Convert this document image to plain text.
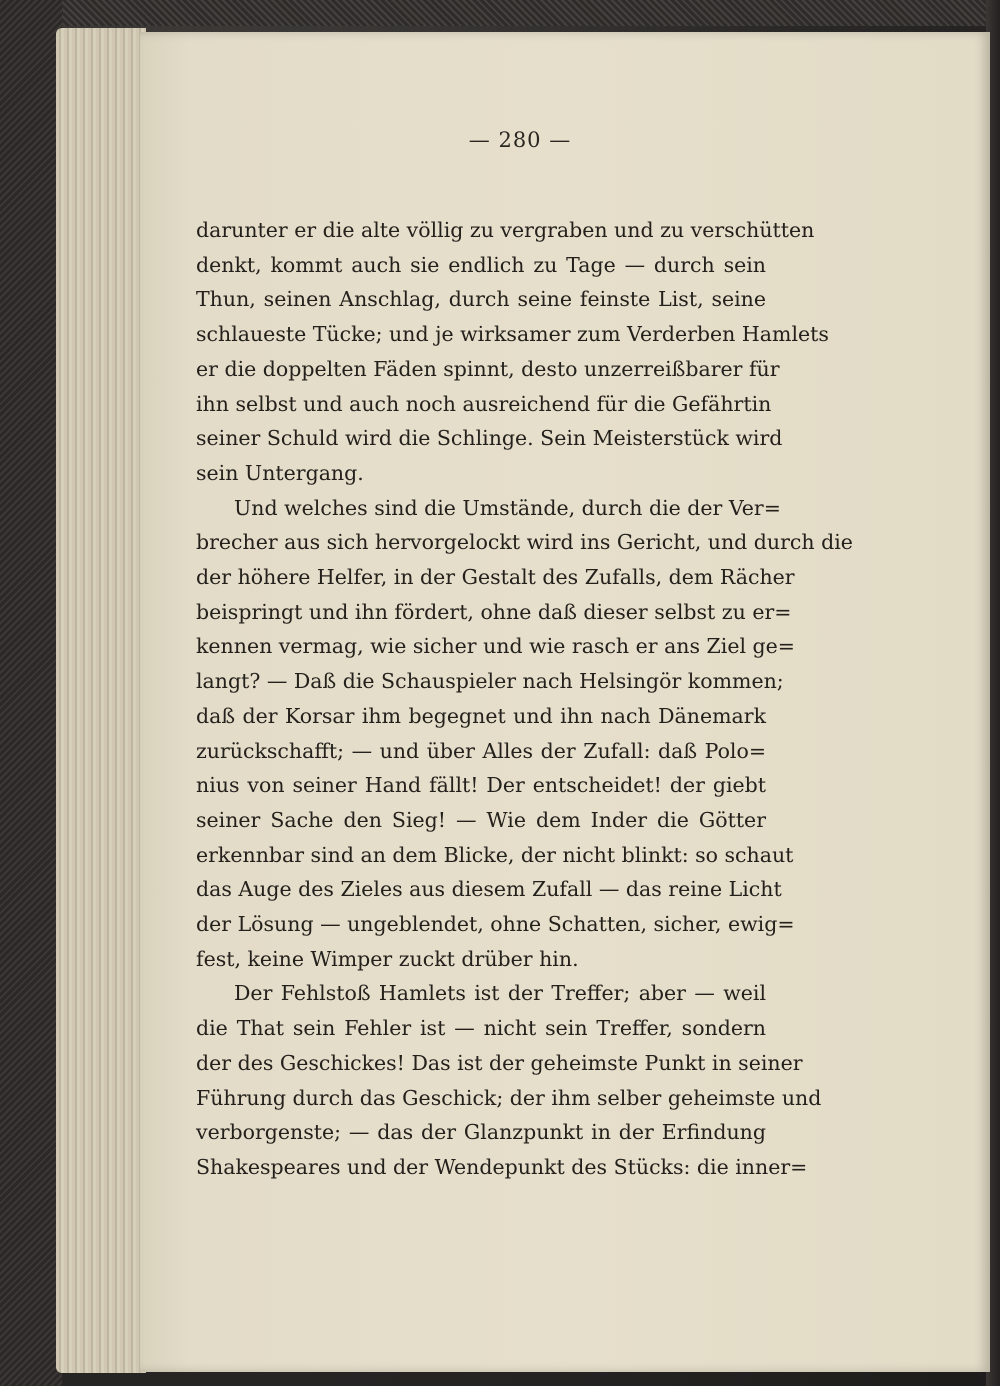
— 280 —
darunter er die alte völlig zu vergraben und zu verschütten
denkt, kommt auch sie endlich zu Tage — durch sein
Thun, seinen Anschlag, durch seine feinste List, seine
schlaueste Tücke; und je wirksamer zum Verderben Hamlets
er die doppelten Fäden spinnt, desto unzerreißbarer für
ihn selbst und auch noch ausreichend für die Gefährtin
seiner Schuld wird die Schlinge. Sein Meisterstück wird
sein Untergang.
Und welches sind die Umstände, durch die der Ver=
brecher aus sich hervorgelockt wird ins Gericht, und durch die
der höhere Helfer, in der Gestalt des Zufalls, dem Rächer
beispringt und ihn fördert, ohne daß dieser selbst zu er=
kennen vermag, wie sicher und wie rasch er ans Ziel ge=
langt? — Daß die Schauspieler nach Helsingör kommen;
daß der Korsar ihm begegnet und ihn nach Dänemark
zurückschafft; — und über Alles der Zufall: daß Polo=
nius von seiner Hand fällt! Der entscheidet! der giebt
seiner Sache den Sieg! — Wie dem Inder die Götter
erkennbar sind an dem Blicke, der nicht blinkt: so schaut
das Auge des Zieles aus diesem Zufall — das reine Licht
der Lösung — ungeblendet, ohne Schatten, sicher, ewig=
fest, keine Wimper zuckt drüber hin.
Der Fehlstoß Hamlets ist der Treffer; aber — weil
die That sein Fehler ist — nicht sein Treffer, sondern
der des Geschickes! Das ist der geheimste Punkt in seiner
Führung durch das Geschick; der ihm selber geheimste und
verborgenste; — das der Glanzpunkt in der Erfindung
Shakespeares und der Wendepunkt des Stücks: die inner=
